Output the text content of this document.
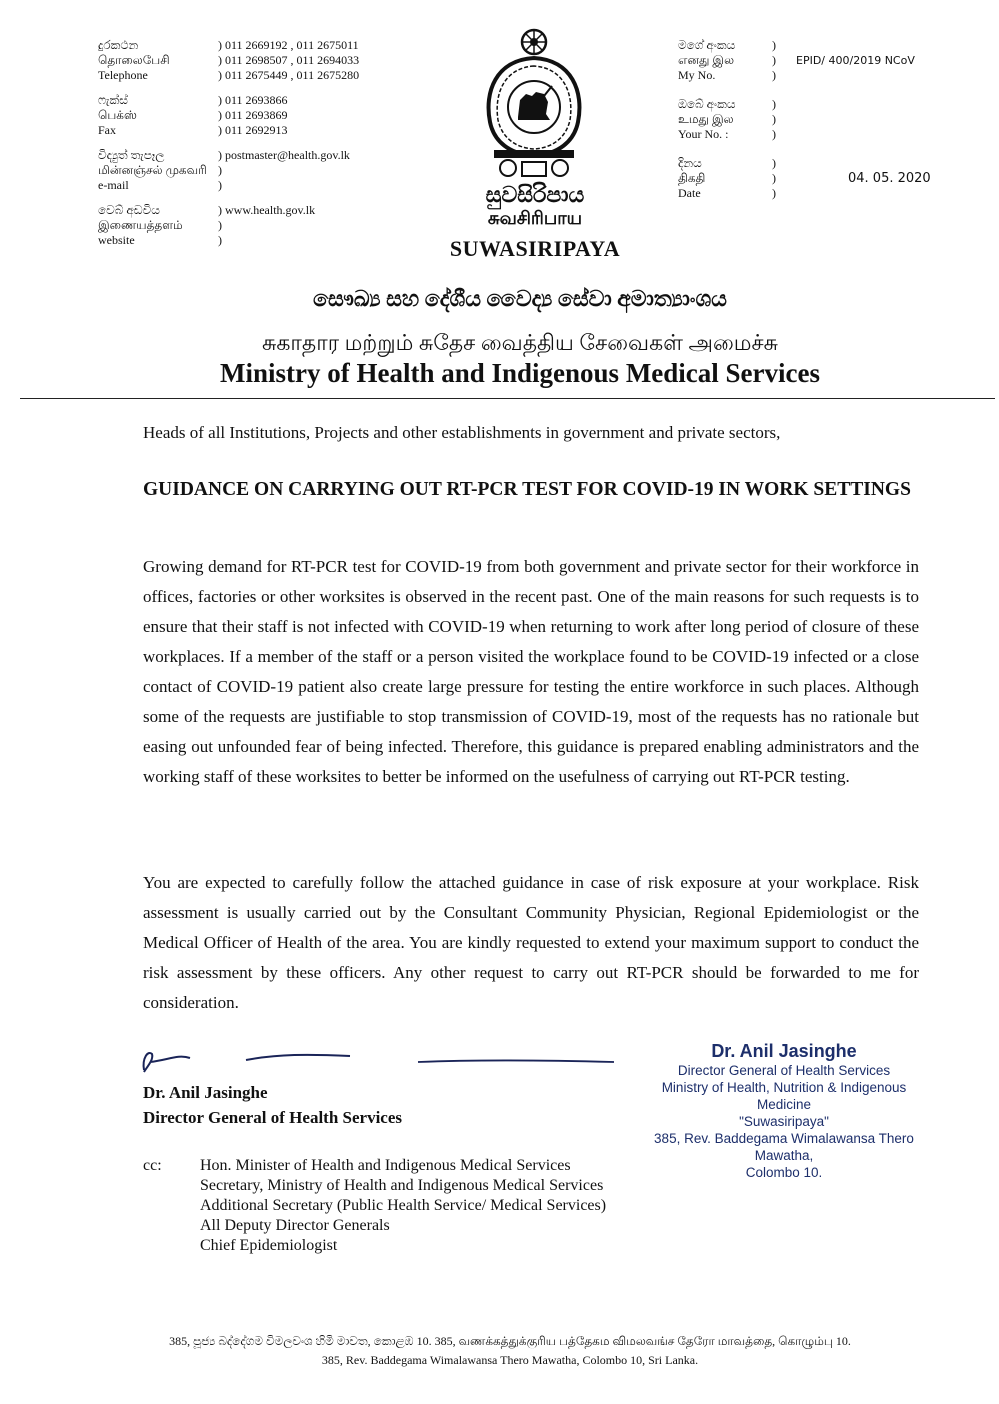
දුරකථන
தொலைபேசி
Telephone
) 011 2669192 , 011 2675011
) 011 2698507 , 011 2694033
) 011 2675449 , 011 2675280
ෆැක්ස්
பெக்ஸ்
Fax
) 011 2693866
) 011 2693869
) 011 2692913
විද්‍යුත් තැපෑල
மின்னஞ்சல் முகவரி
e-mail
) postmaster@health.gov.lk
)
)
වෙබ් අඩවිය
இணையத்தளம்
website
) www.health.gov.lk
)
)
සුවසිරිපාය
சுவசிரிபாய
SUWASIRIPAYA
මගේ අංකය
எனது இல
My No.
)
)
)

EPID/ 400/2019 NCoV
ඔබේ අංකය
உமது இல
Your No. :
)
)
)
දිනය
திகதி
Date
)
)
)

04. 05. 2020
සෞඛ්‍ය සහ දේශීය වෛද්‍ය සේවා අමාත්‍යාංශය
சுகாதார மற்றும் சுதேச வைத்திய சேவைகள் அமைச்சு
Ministry of Health and Indigenous Medical Services
Heads of all Institutions, Projects and other establishments in government and private sectors,
GUIDANCE ON CARRYING OUT RT-PCR TEST FOR COVID-19 IN WORK SETTINGS
Growing demand for RT-PCR test for COVID-19 from both government and private sector for their workforce in offices, factories or other worksites is observed in the recent past. One of the main reasons for such requests is to ensure that their staff is not infected with COVID-19 when returning to work after long period of closure of these workplaces. If a member of the staff or a person visited the workplace found to be COVID-19 infected or a close contact of COVID-19 patient also create large pressure for testing the entire workforce in such places. Although some of the requests are justifiable to stop transmission of COVID-19, most of the requests has no rationale but easing out unfounded fear of being infected. Therefore, this guidance is prepared enabling administrators and the working staff of these worksites to better be informed on the usefulness of carrying out RT-PCR testing.
You are expected to carefully follow the attached guidance in case of risk exposure at your workplace. Risk assessment is usually carried out by the Consultant Community Physician, Regional Epidemiologist or the Medical Officer of Health of the area. You are kindly requested to extend your maximum support to conduct the risk assessment by these officers. Any other request to carry out RT-PCR should be forwarded to me for consideration.
Dr. Anil Jasinghe
Director General of Health Services
Dr. Anil Jasinghe
Director General of Health Services
Ministry of Health, Nutrition & Indigenous Medicine
"Suwasiripaya"
385, Rev. Baddegama Wimalawansa Thero Mawatha,
Colombo 10.
cc:	Hon. Minister of Health and Indigenous Medical Services
Secretary, Ministry of Health and Indigenous Medical Services
Additional Secretary (Public Health Service/ Medical Services)
All Deputy Director Generals
Chief Epidemiologist
385, පූජ්‍ය බද්දේගම විමලවංශ හිමි මාවත, කොළඹ 10. 385, வணக்கத்துக்குரிய பத்தேகம விமலவங்ச தேரோ மாவத்தை, கொழும்பு 10.
385, Rev. Baddegama Wimalawansa Thero Mawatha, Colombo 10, Sri Lanka.
